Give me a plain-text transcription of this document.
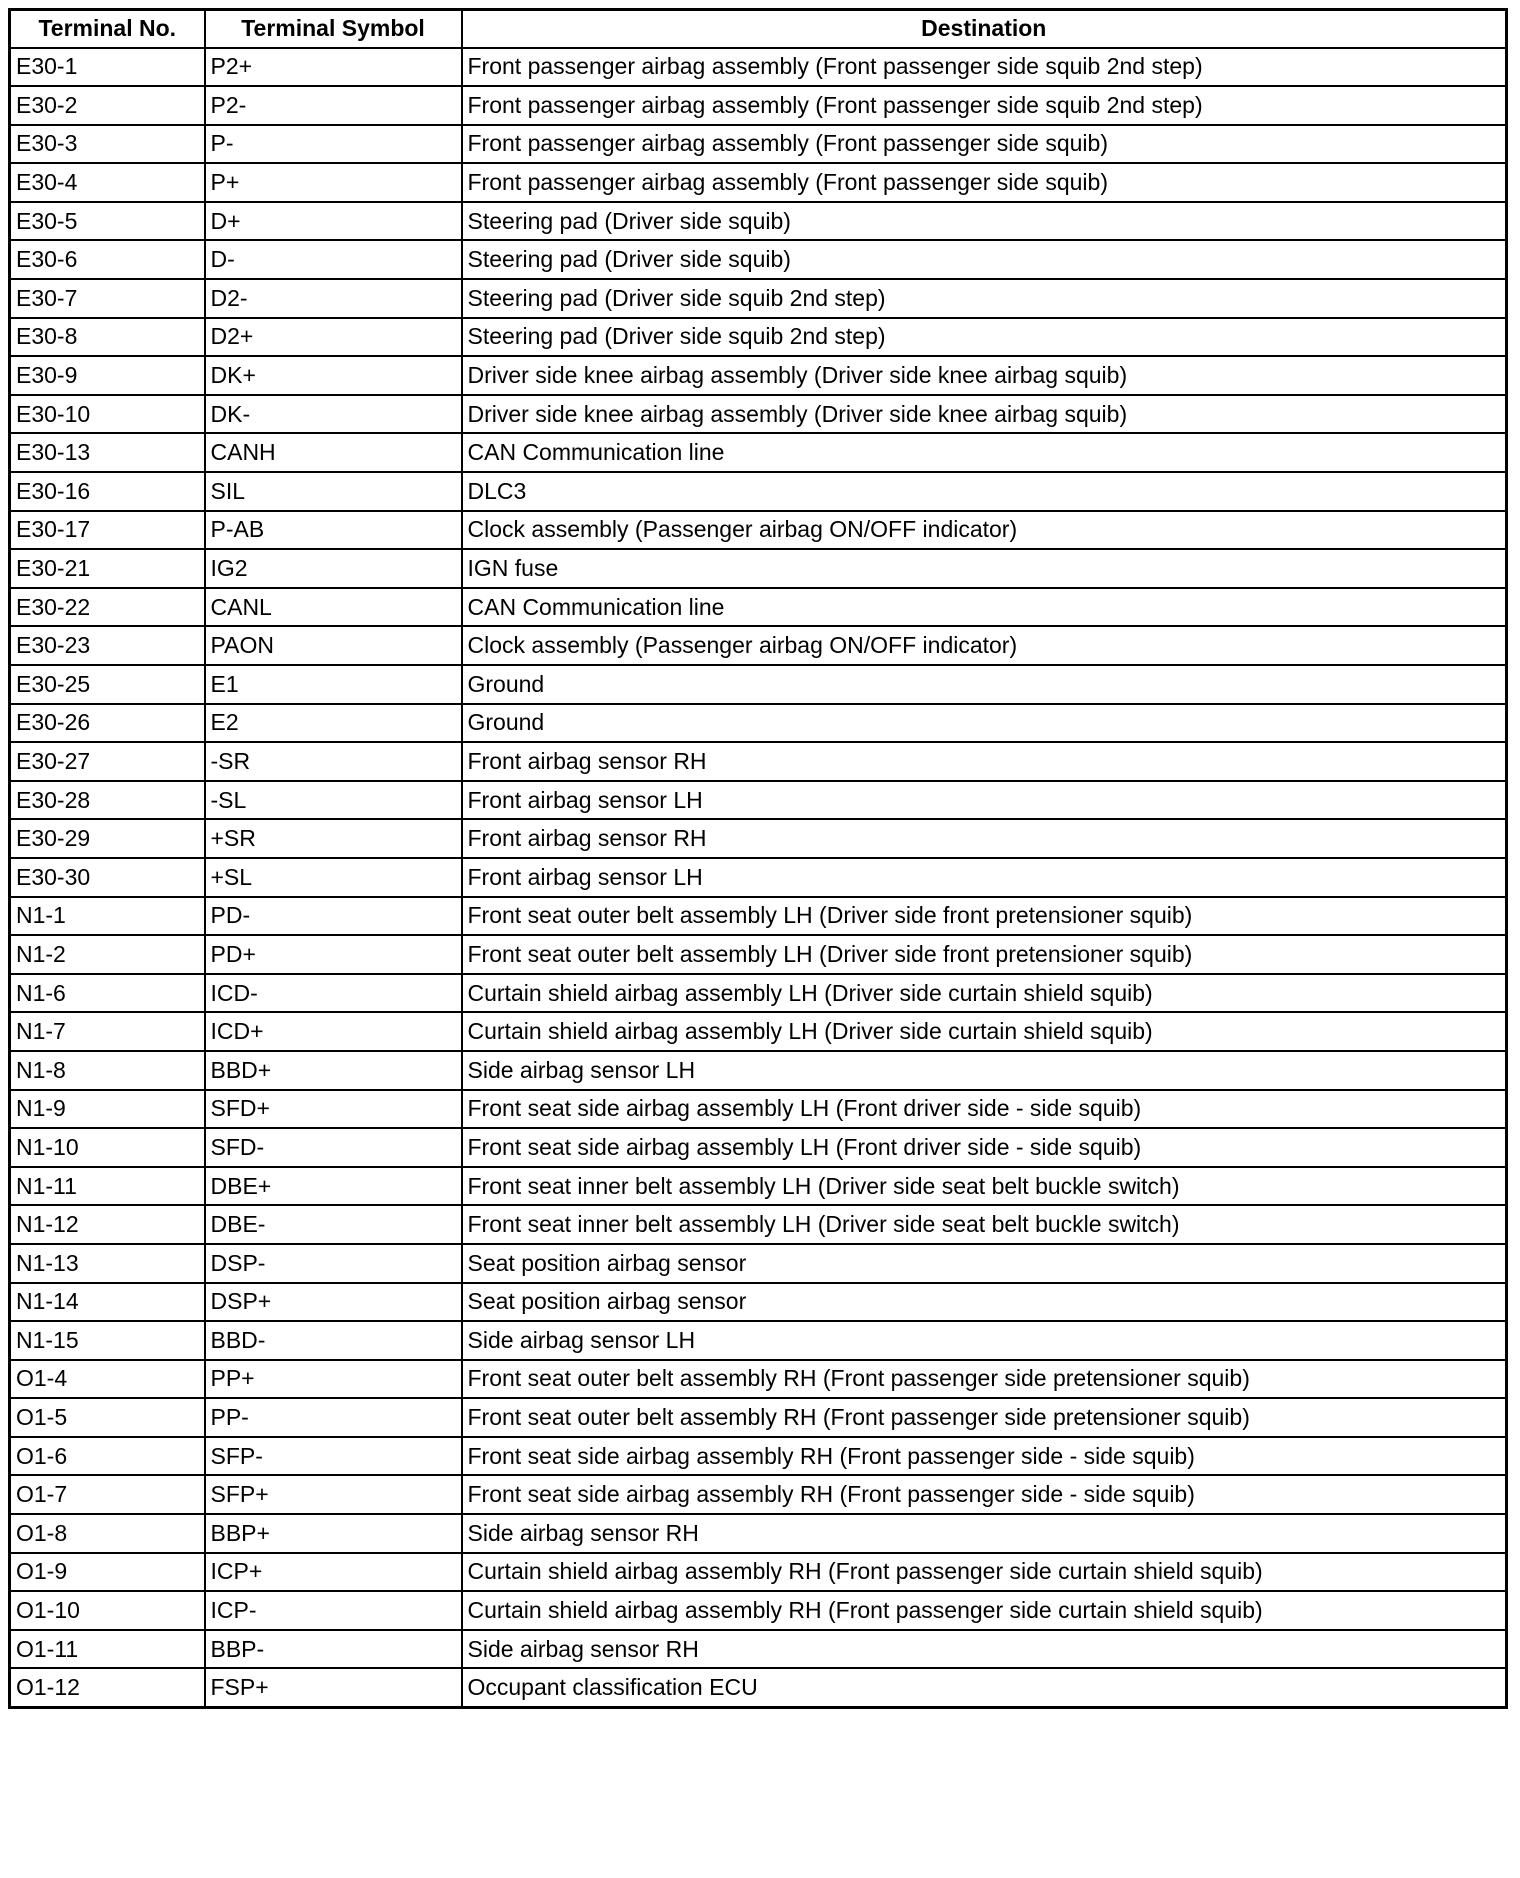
Terminal No.	Terminal Symbol	Destination
E30-1	P2+	Front passenger airbag assembly (Front passenger side squib 2nd step)
E30-2	P2-	Front passenger airbag assembly (Front passenger side squib 2nd step)
E30-3	P-	Front passenger airbag assembly (Front passenger side squib)
E30-4	P+	Front passenger airbag assembly (Front passenger side squib)
E30-5	D+	Steering pad (Driver side squib)
E30-6	D-	Steering pad (Driver side squib)
E30-7	D2-	Steering pad (Driver side squib 2nd step)
E30-8	D2+	Steering pad (Driver side squib 2nd step)
E30-9	DK+	Driver side knee airbag assembly (Driver side knee airbag squib)
E30-10	DK-	Driver side knee airbag assembly (Driver side knee airbag squib)
E30-13	CANH	CAN Communication line
E30-16	SIL	DLC3
E30-17	P-AB	Clock assembly (Passenger airbag ON/OFF indicator)
E30-21	IG2	IGN fuse
E30-22	CANL	CAN Communication line
E30-23	PAON	Clock assembly (Passenger airbag ON/OFF indicator)
E30-25	E1	Ground
E30-26	E2	Ground
E30-27	-SR	Front airbag sensor RH
E30-28	-SL	Front airbag sensor LH
E30-29	+SR	Front airbag sensor RH
E30-30	+SL	Front airbag sensor LH
N1-1	PD-	Front seat outer belt assembly LH (Driver side front pretensioner squib)
N1-2	PD+	Front seat outer belt assembly LH (Driver side front pretensioner squib)
N1-6	ICD-	Curtain shield airbag assembly LH (Driver side curtain shield squib)
N1-7	ICD+	Curtain shield airbag assembly LH (Driver side curtain shield squib)
N1-8	BBD+	Side airbag sensor LH
N1-9	SFD+	Front seat side airbag assembly LH (Front driver side - side squib)
N1-10	SFD-	Front seat side airbag assembly LH (Front driver side - side squib)
N1-11	DBE+	Front seat inner belt assembly LH (Driver side seat belt buckle switch)
N1-12	DBE-	Front seat inner belt assembly LH (Driver side seat belt buckle switch)
N1-13	DSP-	Seat position airbag sensor
N1-14	DSP+	Seat position airbag sensor
N1-15	BBD-	Side airbag sensor LH
O1-4	PP+	Front seat outer belt assembly RH (Front passenger side pretensioner squib)
O1-5	PP-	Front seat outer belt assembly RH (Front passenger side pretensioner squib)
O1-6	SFP-	Front seat side airbag assembly RH (Front passenger side - side squib)
O1-7	SFP+	Front seat side airbag assembly RH (Front passenger side - side squib)
O1-8	BBP+	Side airbag sensor RH
O1-9	ICP+	Curtain shield airbag assembly RH (Front passenger side curtain shield squib)
O1-10	ICP-	Curtain shield airbag assembly RH (Front passenger side curtain shield squib)
O1-11	BBP-	Side airbag sensor RH
O1-12	FSP+	Occupant classification ECU
